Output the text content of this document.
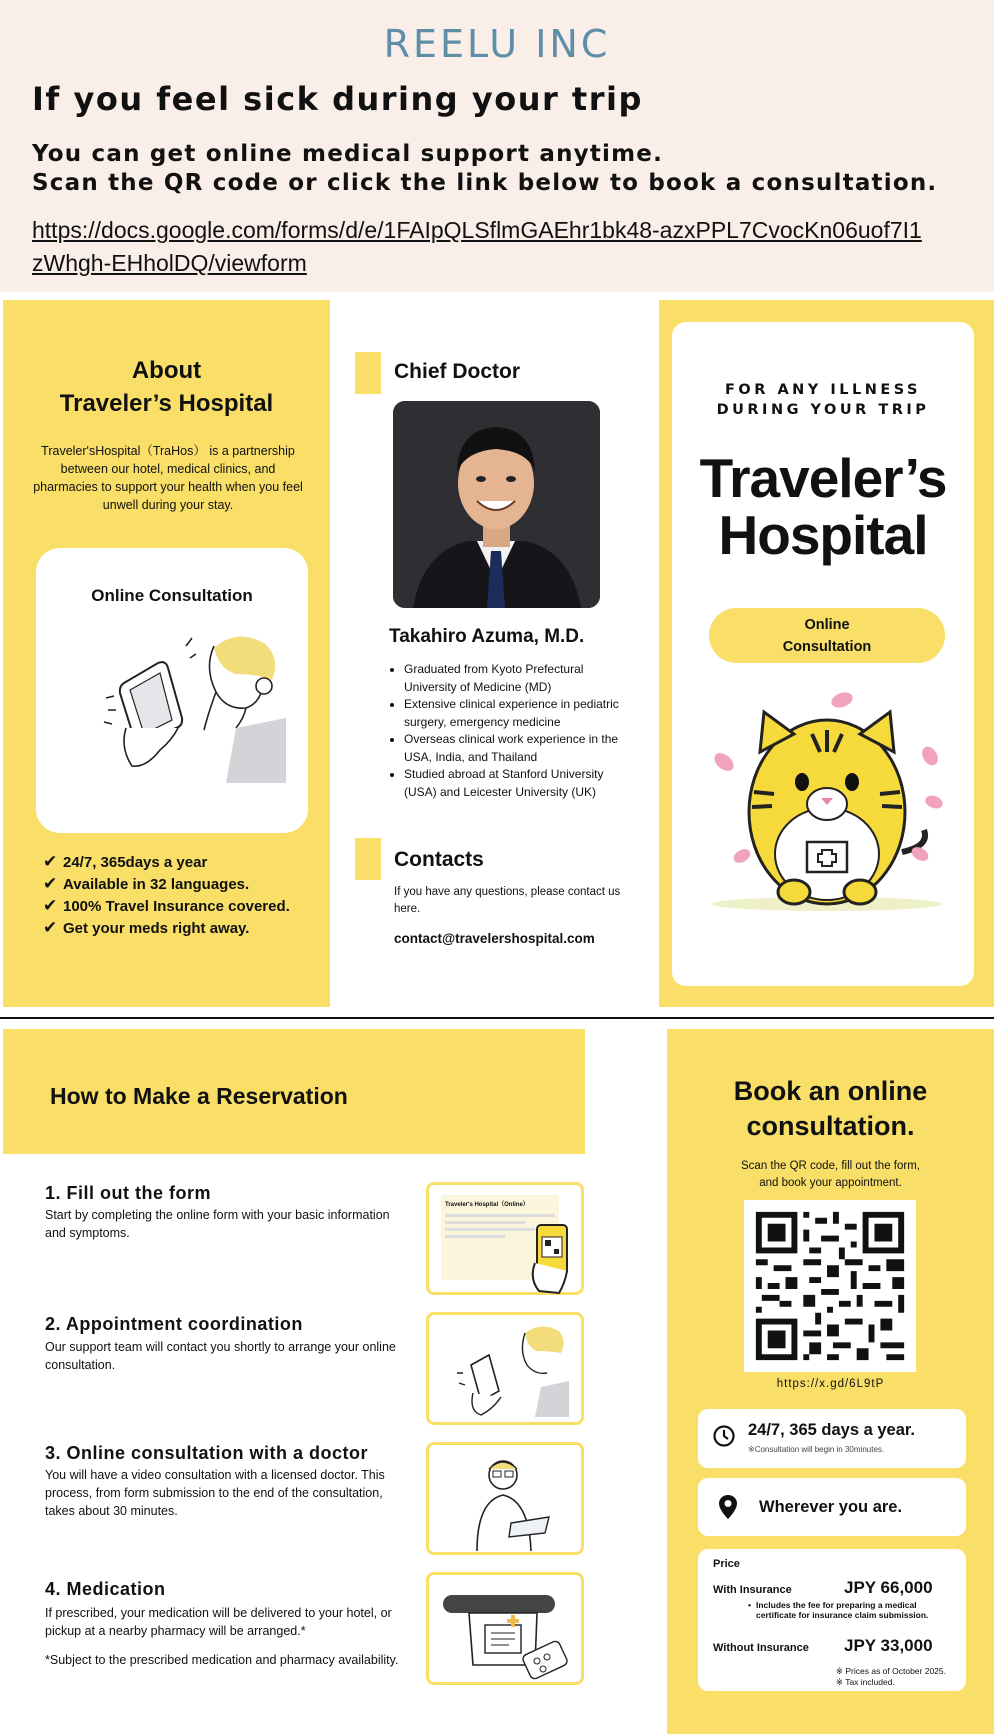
REELU INC
If you feel sick during your trip
You can get online medical support anytime.
Scan the QR code or click the link below to book a consultation.
https://docs.google.com/forms/d/e/1FAIpQLSflmGAEhr1bk48-azxPPL7CvocKn06uof7I1zWhgh-EHholDQ/viewform
About
Traveler’s Hospital
Traveler'sHospital（TraHos） is a partnership between our hotel, medical clinics, and pharmacies to support your health when you feel unwell during your stay.
Online Consultation
✔ 24/7, 365days a year
✔ Available in 32 languages.
✔ 100% Travel Insurance covered.
✔ Get your meds right away.
Chief Doctor
Takahiro Azuma, M.D.
• Graduated from Kyoto Prefectural University of Medicine (MD)
• Extensive clinical experience in pediatric surgery, emergency medicine
• Overseas clinical work experience in the USA, India, and Thailand
• Studied abroad at Stanford University (USA) and Leicester University (UK)
Contacts
If you have any questions, please contact us here.
contact@travelershospital.com
FOR ANY ILLNESS
DURING YOUR TRIP
Traveler’s
Hospital
Online
Consultation
How to Make a Reservation
1. Fill out the form
Start by completing the online form with your basic information and symptoms.
Traveler's Hospital（Online）
2. Appointment coordination
Our support team will contact you shortly to arrange your online consultation.
3. Online consultation with a doctor
You will have a video consultation with a licensed doctor. This process, from form submission to the end of the consultation, takes about 30 minutes.
4. Medication
If prescribed, your medication will be delivered to your hotel, or pickup at a nearby pharmacy will be arranged.*
*Subject to the prescribed medication and pharmacy availability.
Book an online
consultation.
Scan the QR code, fill out the form,
and book your appointment.
https://x.gd/6L9tP
24/7, 365 days a year.
※Consultation will begin in 30minutes.
Wherever you are.
Price
With Insurance	JPY 66,000
• Includes the fee for preparing a medical certificate for insurance claim submission.
Without Insurance JPY 33,000
※ Prices as of October 2025.
※ Tax included.
